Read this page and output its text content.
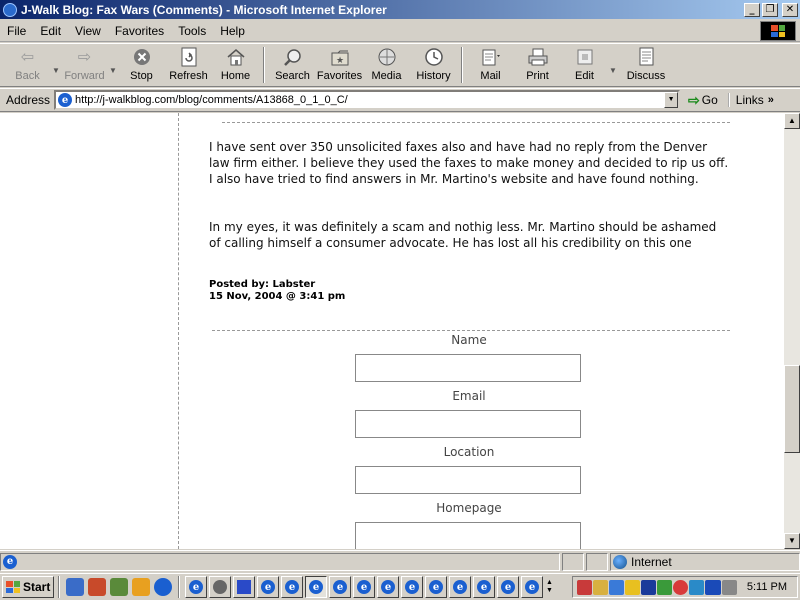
J-Walk Blog: Fax Wars (Comments) - Microsoft Internet Explorer	_	❐	✕
File	Edit	View	Favorites	Tools	Help
⇦
Back ▼
⇨
Forward ▼ Stop Refresh Home Search
★
Favorites Media History	Mail Print Edit ▼ Discuss
Address	e http://j-walkblog.com/blog/comments/A13868_0_1_0_C/	▼ ⇨ Go	Links »
I have sent over 350 unsolicited faxes also and have had no reply from the Denver law firm either. I believe they used the faxes to make money and decided to rip us off. I also have tried to find answers in Mr. Martino's website and have found nothing.
In my eyes, it was definitely a scam and nothig less. Mr. Martino should be ashamed of calling himself a consumer advocate. He has lost all his credibility on this one
Posted by: Labster
15 Nov, 2004 @ 3:41 pm
Name
Email
Location
Homepage
▲
▼
e	Internet
Start	e	e	e	e	e	e	e	e	e	e	e	e	e	▲
▼	5:11 PM
